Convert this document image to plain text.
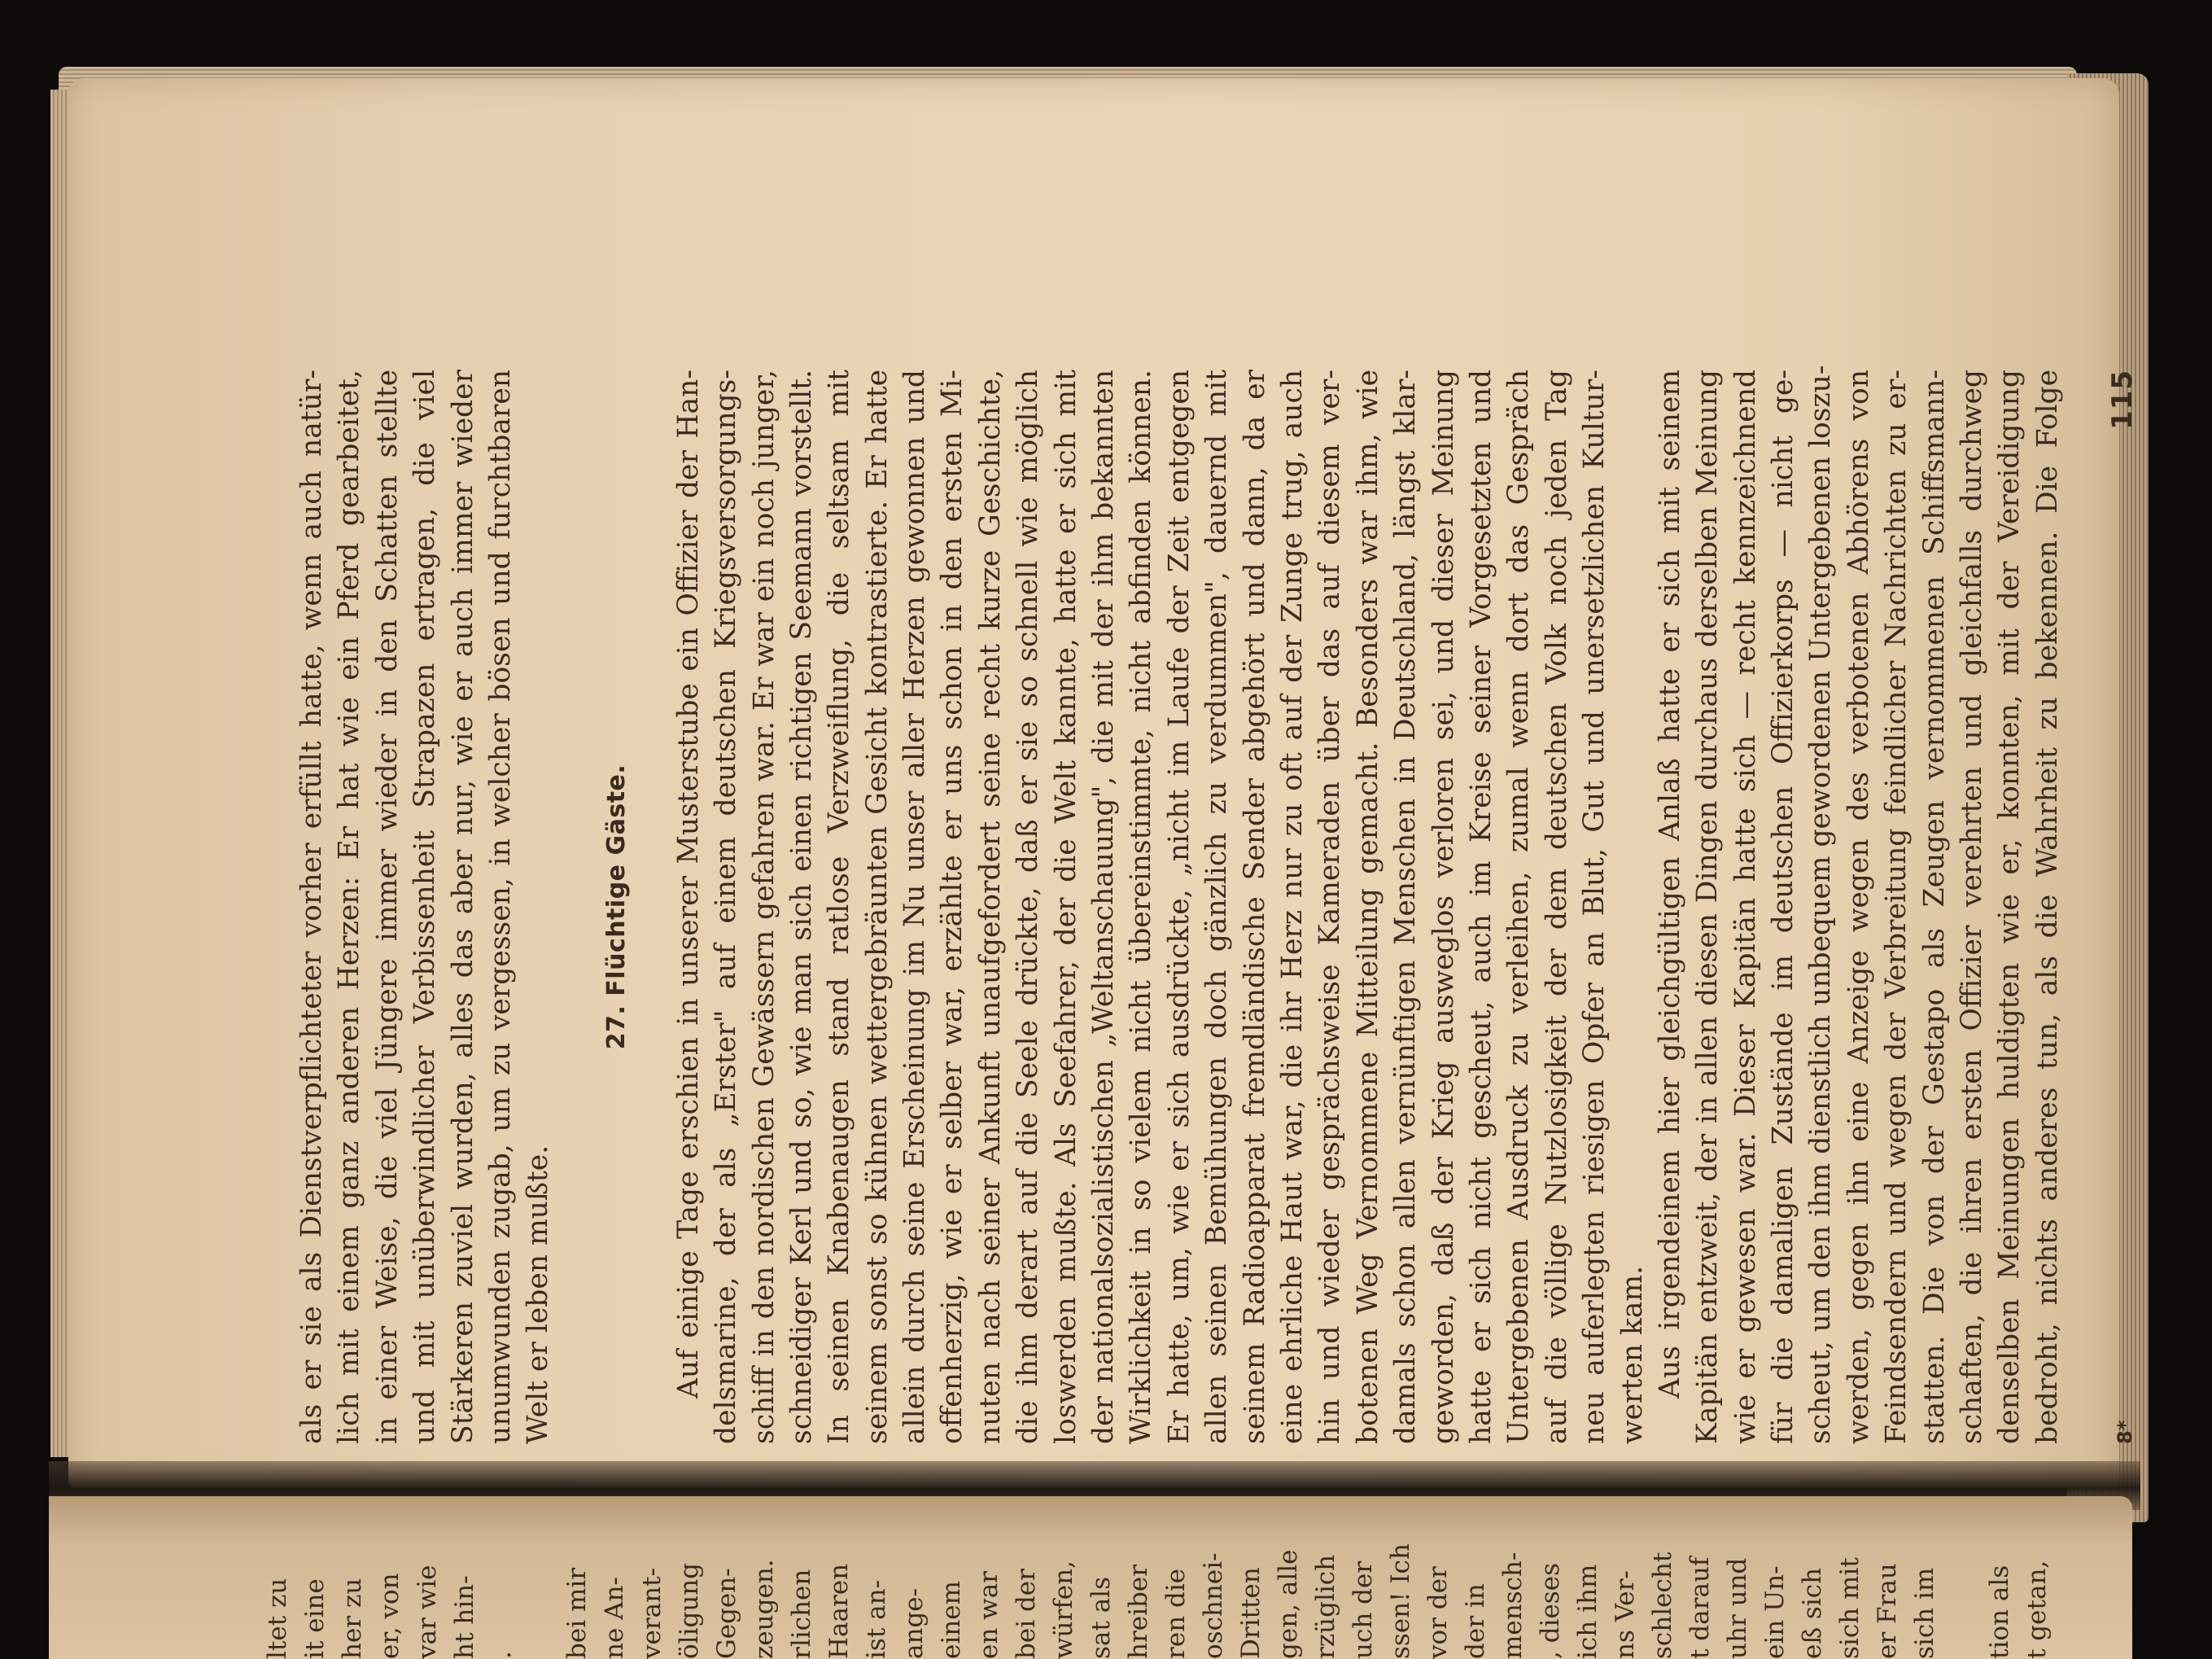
als er sie als Dienstverpflichteter vorher erfüllt hatte, wenn auch natür- lich mit einem ganz anderen Herzen: Er hat wie ein Pferd gearbeitet, in einer Weise, die viel Jüngere immer wieder in den Schatten stellte und mit unüberwindlicher Verbissenheit Strapazen ertragen, die viel Stärkeren zuviel wurden, alles das aber nur, wie er auch immer wieder unumwunden zugab, um zu vergessen, in welcher bösen und furchtbaren Welt er leben mußte.
27. Flüchtige Gäste. Auf einige Tage erschien in unserer Musterstube ein Offizier der Han- delsmarine, der als „Erster" auf einem deutschen Kriegsversorgungs- schiff in den nordischen Gewässern gefahren war. Er war ein noch junger, schneidiger Kerl und so, wie man sich einen richtigen Seemann vorstellt. In seinen Knabenaugen stand ratlose Verzweiflung, die seltsam mit seinem sonst so kühnen wettergebräunten Gesicht kontrastierte. Er hatte allein durch seine Erscheinung im Nu unser aller Herzen gewonnen und offenherzig, wie er selber war, erzählte er uns schon in den ersten Mi- nuten nach seiner Ankunft unaufgefordert seine recht kurze Geschichte, die ihm derart auf die Seele drückte, daß er sie so schnell wie möglich loswerden mußte. Als Seefahrer, der die Welt kannte, hatte er sich mit der nationalsozialistischen „Weltanschauung", die mit der ihm bekannten Wirklichkeit in so vielem nicht übereinstimmte, nicht abfinden können. Er hatte, um, wie er sich ausdrückte, „nicht im Laufe der Zeit entgegen allen seinen Bemühungen doch gänzlich zu verdummen", dauernd mit seinem Radioapparat fremdländische Sender abgehört und dann, da er eine ehrliche Haut war, die ihr Herz nur zu oft auf der Zunge trug, auch hin und wieder gesprächsweise Kameraden über das auf diesem ver- botenen Weg Vernommene Mitteilung gemacht. Besonders war ihm, wie damals schon allen vernünftigen Menschen in Deutschland, längst klar- geworden, daß der Krieg ausweglos verloren sei, und dieser Meinung hatte er sich nicht gescheut, auch im Kreise seiner Vorgesetzten und Untergebenen Ausdruck zu verleihen, zumal wenn dort das Gespräch auf die völlige Nutzlosigkeit der dem deutschen Volk noch jeden Tag neu auferlegten riesigen Opfer an Blut, Gut und unersetzlichen Kultur- werten kam. Aus irgendeinem hier gleichgültigen Anlaß hatte er sich mit seinem Kapitän entzweit, der in allen diesen Dingen durchaus derselben Meinung wie er gewesen war. Dieser Kapitän hatte sich — recht kennzeichnend für die damaligen Zustände im deutschen Offizierkorps — nicht ge- scheut, um den ihm dienstlich unbequem gewordenen Untergebenen loszu- werden, gegen ihn eine Anzeige wegen des verbotenen Abhörens von Feindsendern und wegen der Verbreitung feindlicher Nachrichten zu er- statten. Die von der Gestapo als Zeugen vernommenen Schiffsmann- schaften, die ihren ersten Offizier verehrten und gleichfalls durchweg denselben Meinungen huldigten wie er, konnten, mit der Vereidigung bedroht, nichts anderes tun, als die Wahrheit zu bekennen. Die Folge	8*
115
ltet zu it eine her zu er, von var wie ht hin- . bei mir ne An- verant- öligung Gegen- zeugen. rlichen Haaren ist an- ange- einem en war bei der würfen, sat als hreiber ren die oschnei- Dritten gen, alle rzüglich uch der ssen! Ich vor der der in mensch- , dieses ich ihm ns Ver- schlecht t darauf uhr und ein Un- eß sich sich mit er Frau sich im tion als t getan,
